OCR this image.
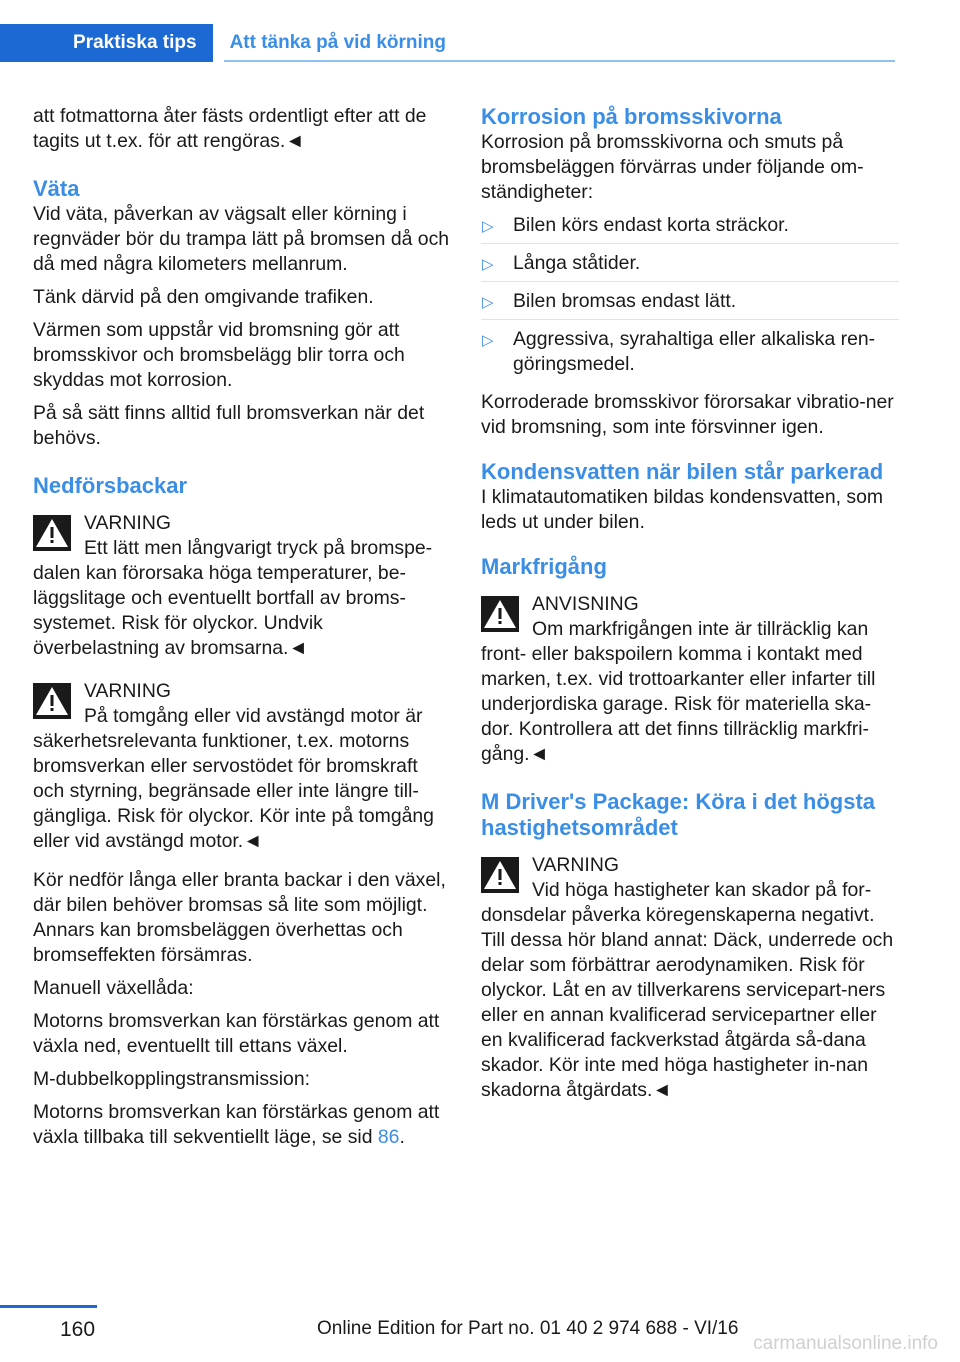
Praktiska tips	Att tänka på vid körning

att fotmattorna åter fästs ordentligt efter att de tagits ut t.ex. för att rengöras.◄

Väta

Vid väta, påverkan av vägsalt eller körning i regnväder bör du trampa lätt på bromsen då och då med några kilometers mellanrum.

Tänk därvid på den omgivande trafiken.

Värmen som uppstår vid bromsning gör att bromsskivor och bromsbelägg blir torra och skyddas mot korrosion.

På så sätt finns alltid full bromsverkan när det behövs.

Nedförsbackar
VARNING
Ett lätt men långvarigt tryck på bromspe-
dalen kan förorsaka höga temperaturer, be-läggslitage och eventuellt bortfall av broms-systemet. Risk för olyckor. Undvik överbelastning av bromsarna.◄
VARNING
På tomgång eller vid avstängd motor är
säkerhetsrelevanta funktioner, t.ex. motorns bromsverkan eller servostödet för bromskraft och styrning, begränsade eller inte längre till-gängliga. Risk för olyckor. Kör inte på tomgång eller vid avstängd motor.◄

Kör nedför långa eller branta backar i den växel, där bilen behöver bromsas så lite som möjligt. Annars kan bromsbeläggen överhettas och bromseffekten försämras.

Manuell växellåda:

Motorns bromsverkan kan förstärkas genom att växla ned, eventuellt till ettans växel.

M-dubbelkopplingstransmission:

Motorns bromsverkan kan förstärkas genom att växla tillbaka till sekventiellt läge, se sid 86.

Korrosion på bromsskivorna

Korrosion på bromsskivorna och smuts på bromsbeläggen förvärras under följande om-ständigheter:

▷ Bilen körs endast korta sträckor.
▷ Långa ståtider.
▷ Bilen bromsas endast lätt.
▷ Aggressiva, syrahaltiga eller alkaliska ren-göringsmedel.

Korroderade bromsskivor förorsakar vibratio-ner vid bromsning, som inte försvinner igen.

Kondensvatten när bilen står parkerad

I klimatautomatiken bildas kondensvatten, som leds ut under bilen.

Markfrigång
ANVISNING
Om markfrigången inte är tillräcklig kan
front- eller bakspoilern komma i kontakt med marken, t.ex. vid trottoarkanter eller infarter till underjordiska garage. Risk för materiella ska-dor. Kontrollera att det finns tillräcklig markfri-gång.◄
M Driver's Package: Köra i det högsta hastighetsområdet
VARNING
Vid höga hastigheter kan skador på for-
donsdelar påverka köregenskaperna negativt. Till dessa hör bland annat: Däck, underrede och delar som förbättrar aerodynamiken. Risk för olyckor. Låt en av tillverkarens servicepart-ners eller en annan kvalificerad servicepartner eller en kvalificerad fackverkstad åtgärda så-dana skador. Kör inte med höga hastigheter in-nan skadorna åtgärdats.◄
160	Online Edition for Part no. 01 40 2 974 688 - VI/16
carmanualsonline.info
